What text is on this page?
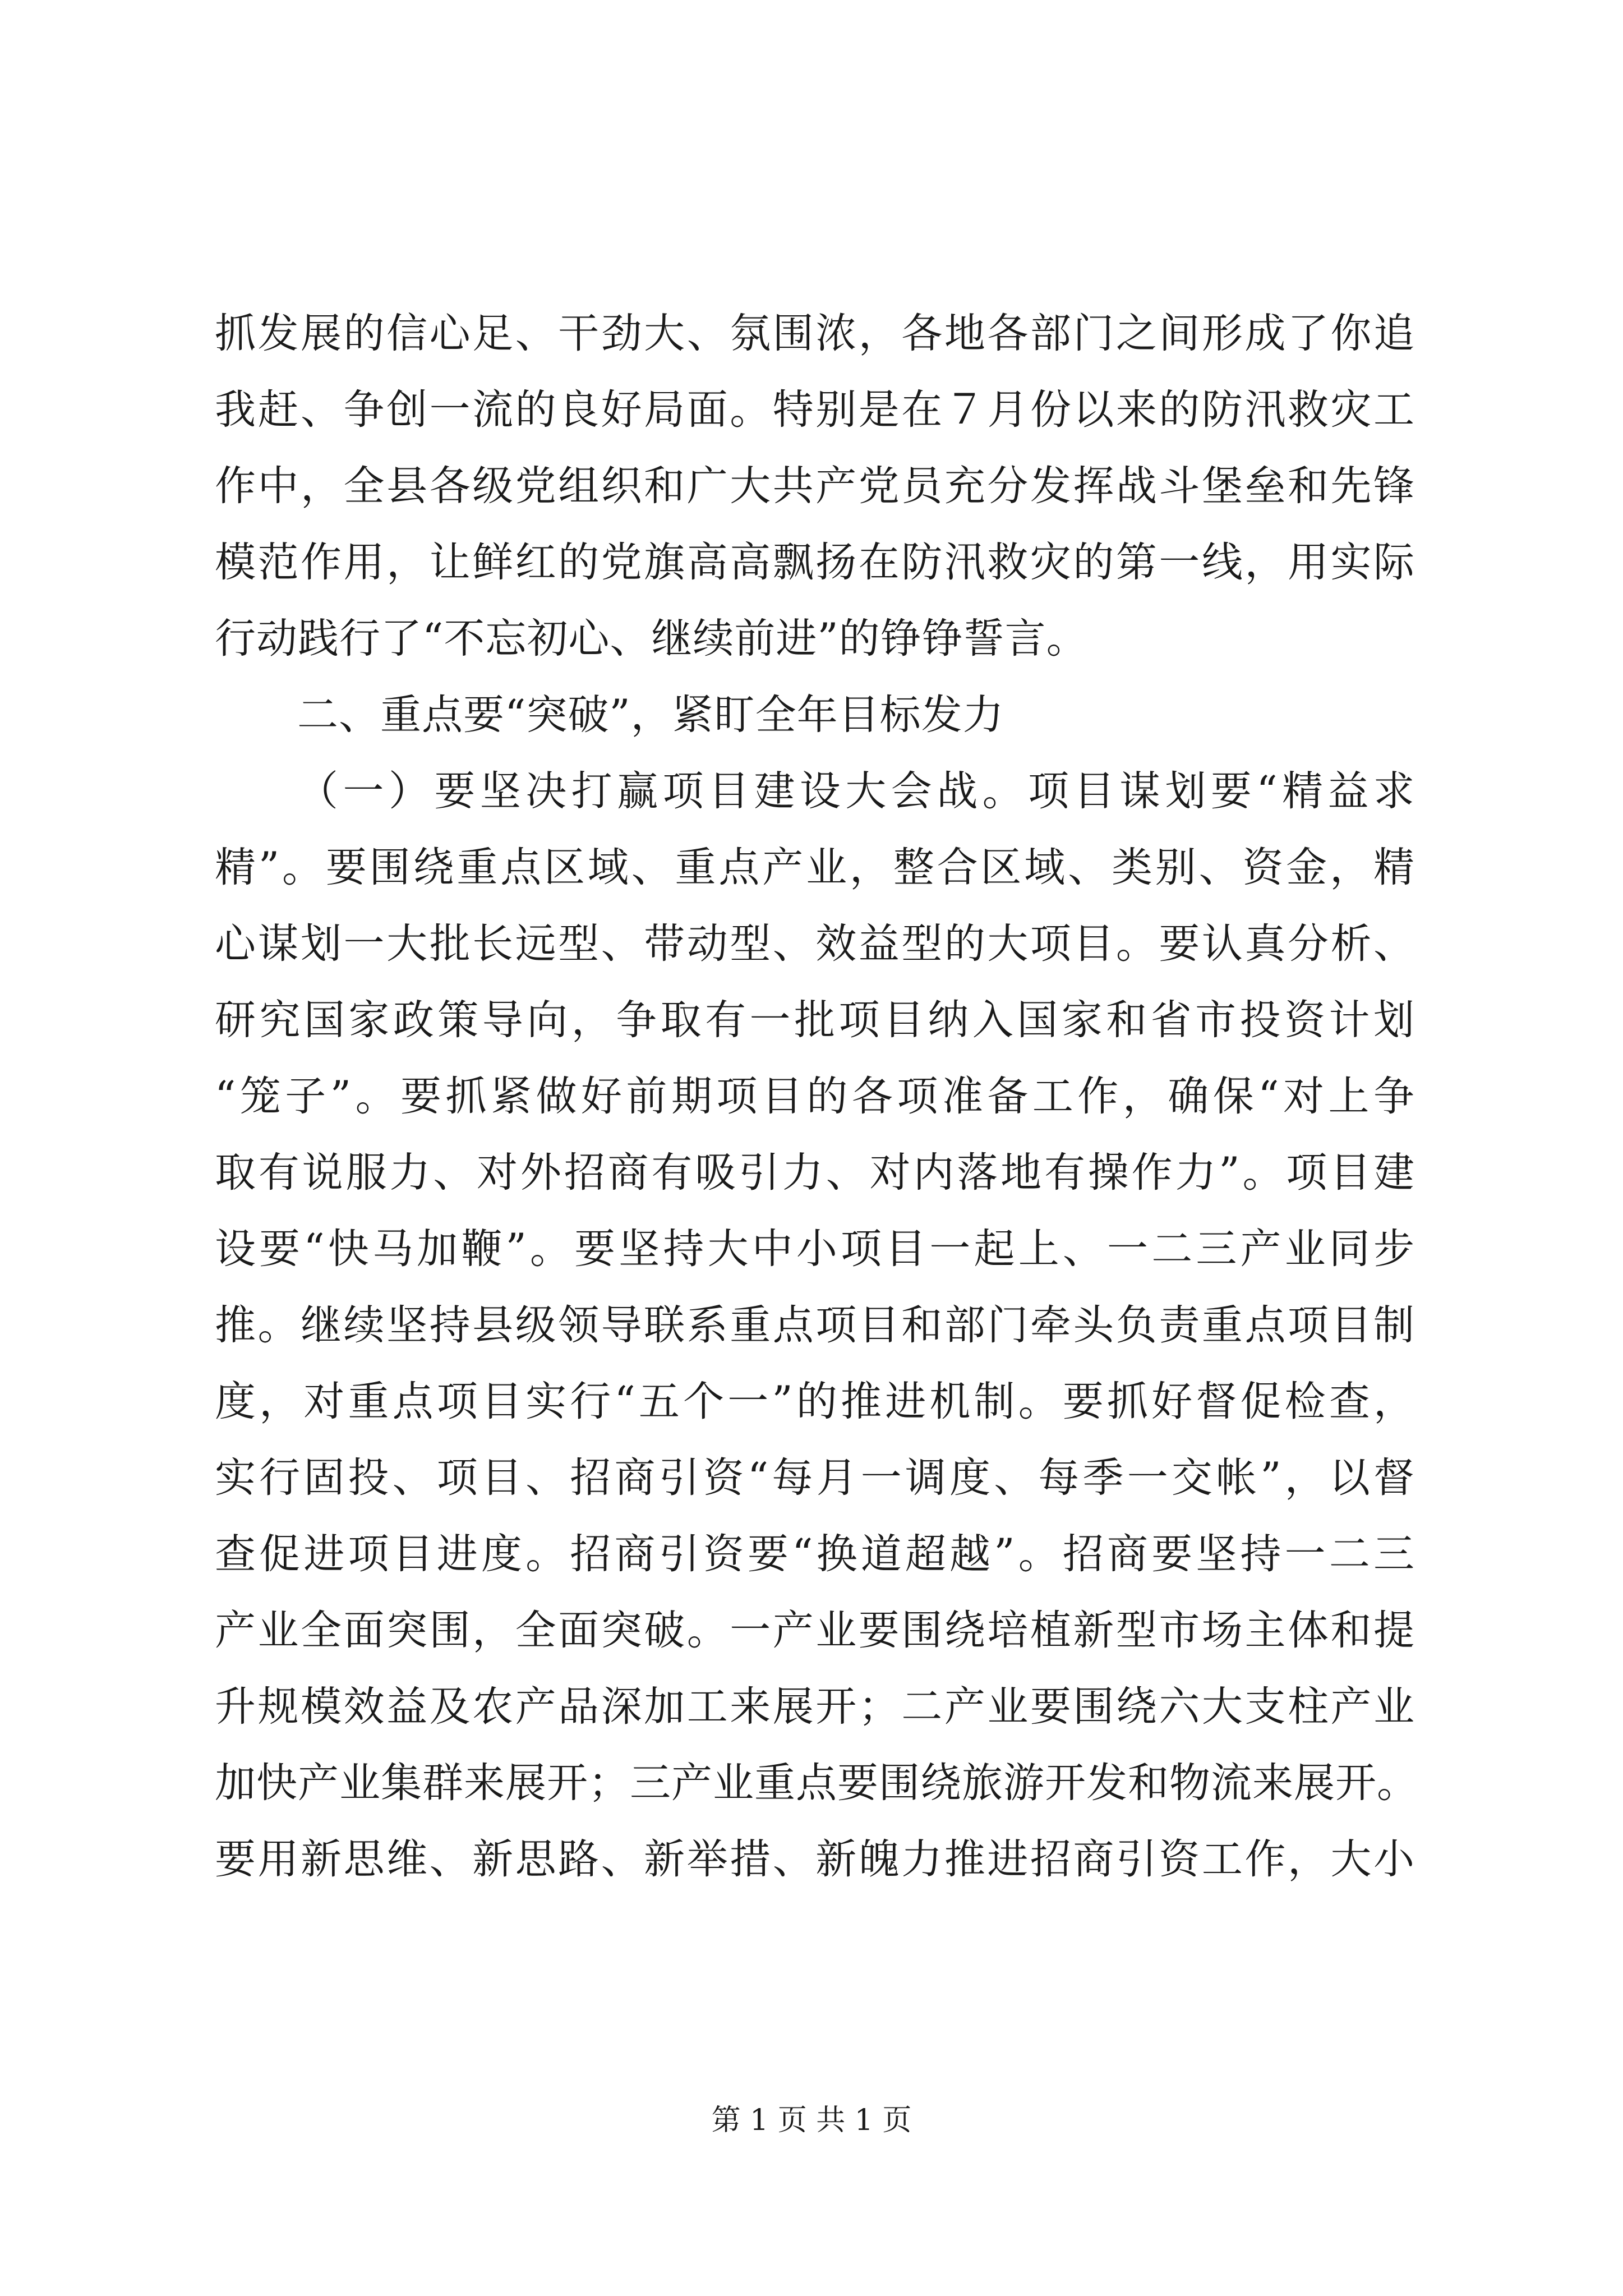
抓发展的信心足、干劲大、氛围浓，各地各部门之间形成了你追
我赶、争创一流的良好局面。特别是在７月份以来的防汛救灾工
作中，全县各级党组织和广大共产党员充分发挥战斗堡垒和先锋
模范作用，让鲜红的党旗高高飘扬在防汛救灾的第一线，用实际
行动践行了“不忘初心、继续前进”的铮铮誓言。
二、重点要“突破”，紧盯全年目标发力
（一）要坚决打赢项目建设大会战。项目谋划要“精益求
精”。要围绕重点区域、重点产业，整合区域、类别、资金，精
心谋划一大批长远型、带动型、效益型的大项目。要认真分析、
研究国家政策导向，争取有一批项目纳入国家和省市投资计划
“笼子”。要抓紧做好前期项目的各项准备工作，确保“对上争
取有说服力、对外招商有吸引力、对内落地有操作力”。项目建
设要“快马加鞭”。要坚持大中小项目一起上、一二三产业同步
推。继续坚持县级领导联系重点项目和部门牵头负责重点项目制
度，对重点项目实行“五个一”的推进机制。要抓好督促检查，
实行固投、项目、招商引资“每月一调度、每季一交帐”，以督
查促进项目进度。招商引资要“换道超越”。招商要坚持一二三
产业全面突围，全面突破。一产业要围绕培植新型市场主体和提
升规模效益及农产品深加工来展开；二产业要围绕六大支柱产业
加快产业集群来展开；三产业重点要围绕旅游开发和物流来展开。
要用新思维、新思路、新举措、新魄力推进招商引资工作，大小
第 1 页 共 1 页
